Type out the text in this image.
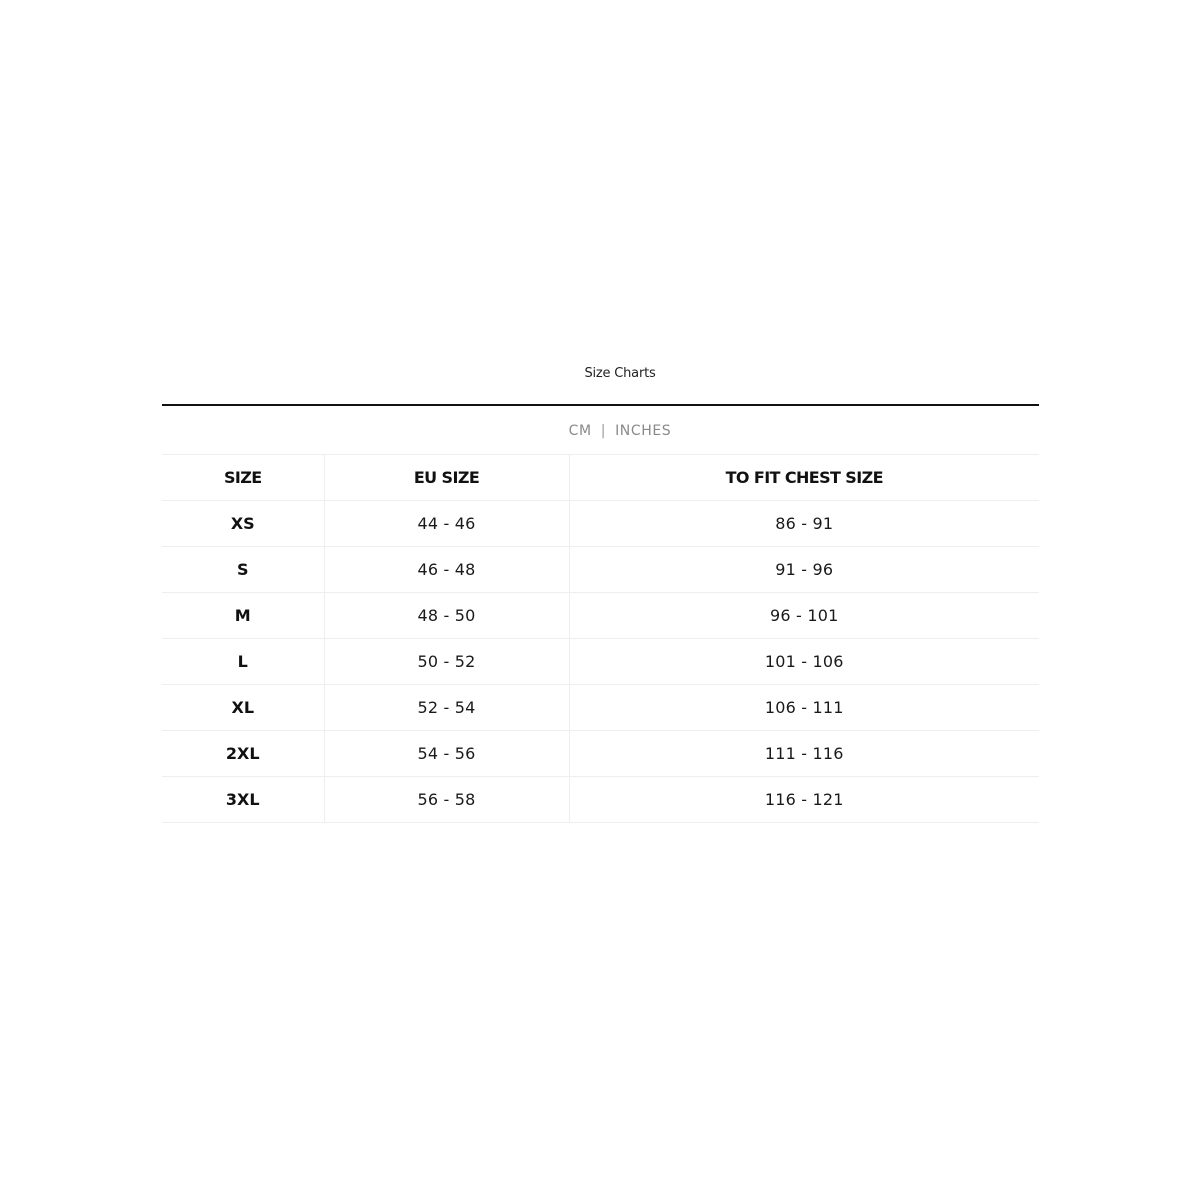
Size Charts
CM | INCHES
SIZE	EU SIZE	TO FIT CHEST SIZE
XS	44 - 46	86 - 91
S	46 - 48	91 - 96
M	48 - 50	96 - 101
L	50 - 52	101 - 106
XL	52 - 54	106 - 111
2XL	54 - 56	111 - 116
3XL	56 - 58	116 - 121
